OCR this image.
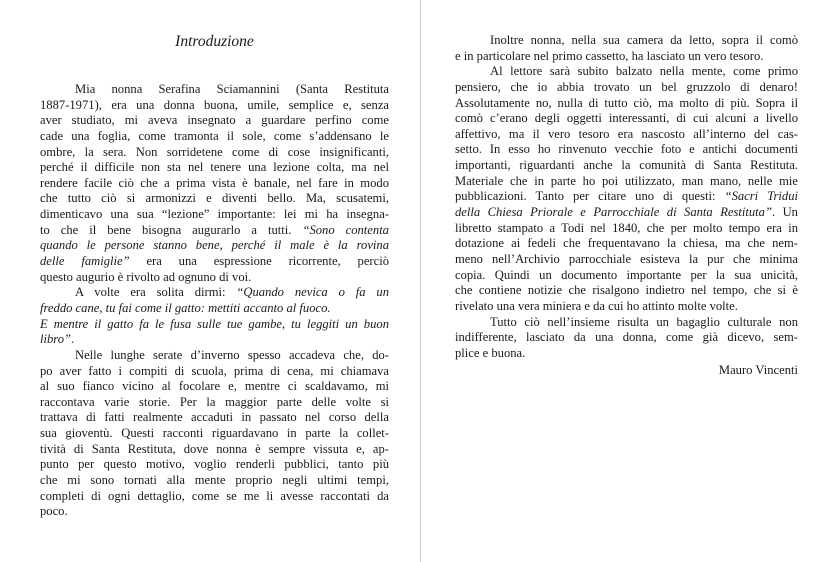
Introduzione
Mia nonna Serafina Sciamannini (Santa Restituta
1887-1971), era una donna buona, umile, semplice e, senza
aver studiato, mi aveva insegnato a guardare perfino come
cade una foglia, come tramonta il sole, come s’addensano le
ombre, la sera. Non sorridetene come di cose insignificanti,
perché il difficile non sta nel tenere una lezione colta, ma nel
rendere facile ciò che a prima vista è banale, nel fare in modo
che tutto ciò si armonizzi e diventi bello. Ma, scusatemi,
dimenticavo una sua “lezione” importante: lei mi ha insegna-
to che il bene bisogna augurarlo a tutti. “Sono contenta
quando le persone stanno bene, perché il male è la rovina
delle famiglie” era una espressione ricorrente, perciò
questo augurio è rivolto ad ognuno di voi.
A volte era solita dirmi: “Quando nevica o fa un
freddo cane, tu fai come il gatto: mettiti accanto al fuoco.
E mentre il gatto fa le fusa sulle tue gambe, tu leggiti un buon
libro”.
Nelle lunghe serate d’inverno spesso accadeva che, do-
po aver fatto i compiti di scuola, prima di cena, mi chiamava
al suo fianco vicino al focolare e, mentre ci scaldavamo, mi
raccontava varie storie. Per la maggior parte delle volte si
trattava di fatti realmente accaduti in passato nel corso della
sua gioventù. Questi racconti riguardavano in parte la collet-
tività di Santa Restituta, dove nonna è sempre vissuta e, ap-
punto per questo motivo, voglio renderli pubblici, tanto più
che mi sono tornati alla mente proprio negli ultimi tempi,
completi di ogni dettaglio, come se me li avesse raccontati da
poco.
Inoltre nonna, nella sua camera da letto, sopra il comò
e in particolare nel primo cassetto, ha lasciato un vero tesoro.
Al lettore sarà subito balzato nella mente, come primo
pensiero, che io abbia trovato un bel gruzzolo di denaro!
Assolutamente no, nulla di tutto ciò, ma molto di più. Sopra il
comò c’erano degli oggetti interessanti, di cui alcuni a livello
affettivo, ma il vero tesoro era nascosto all’interno del cas-
setto. In esso ho rinvenuto vecchie foto e antichi documenti
importanti, riguardanti anche la comunità di Santa Restituta.
Materiale che in parte ho poi utilizzato, man mano, nelle mie
pubblicazioni. Tanto per citare uno di questi: “Sacri Tridui
della Chiesa Priorale e Parrocchiale di Santa Restituta”. Un
libretto stampato a Todi nel 1840, che per molto tempo era in
dotazione ai fedeli che frequentavano la chiesa, ma che nem-
meno nell’Archivio parrocchiale esisteva la pur che minima
copia. Quindi un documento importante per la sua unicità,
che contiene notizie che risalgono indietro nel tempo, che si è
rivelato una vera miniera e da cui ho attinto molte volte.
Tutto ciò nell’insieme risulta un bagaglio culturale non
indifferente, lasciato da una donna, come già dicevo, sem-
plice e buona.
Mauro Vincenti
